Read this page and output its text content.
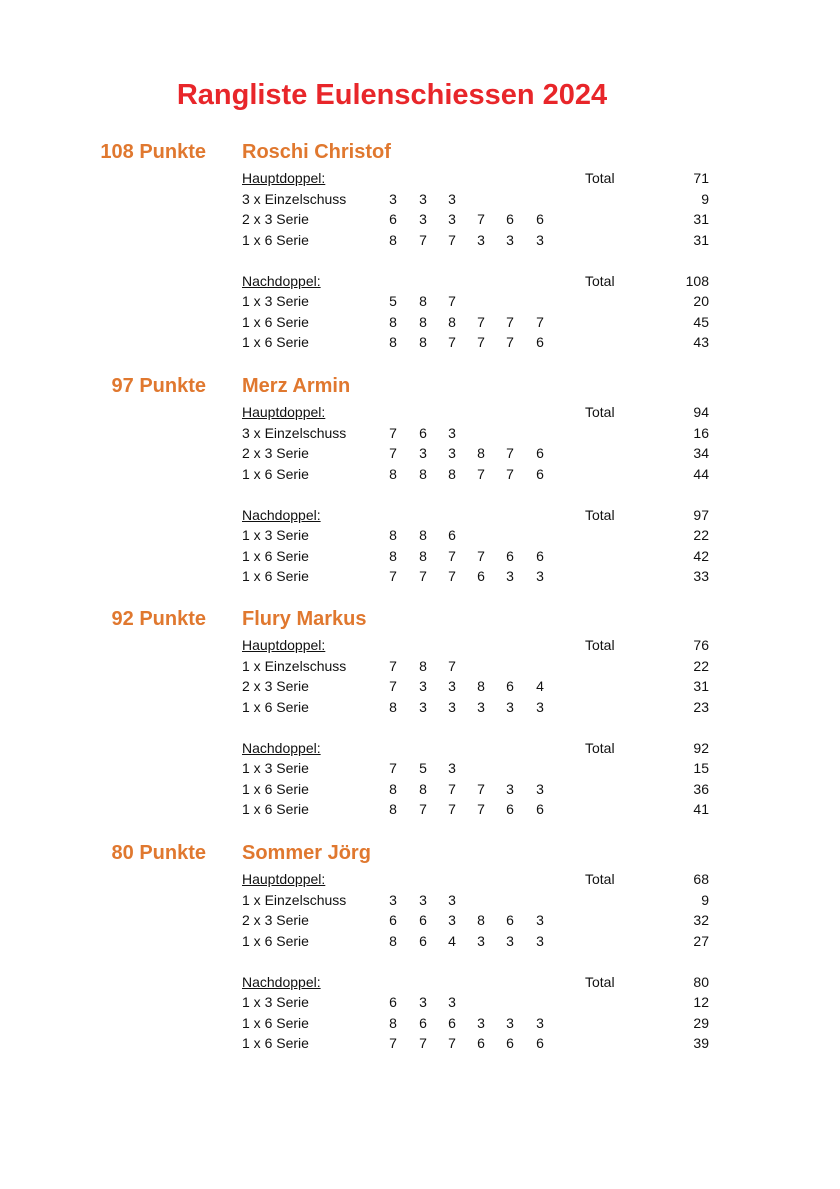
Rangliste Eulenschiessen 2024
108 Punkte Roschi Christof
Hauptdoppel:	Total	71
3 x Einzelschuss	3	3	3	9
2 x 3 Serie	6	3	3	7	6	6	31
1 x 6 Serie	8	7	7	3	3	3	31
Nachdoppel:	Total	108
1 x 3 Serie	5	8	7	20
1 x 6 Serie	8	8	8	7	7	7	45
1 x 6 Serie	8	8	7	7	7	6	43
97 Punkte Merz Armin
Hauptdoppel:	Total	94
3 x Einzelschuss	7	6	3	16
2 x 3 Serie	7	3	3	8	7	6	34
1 x 6 Serie	8	8	8	7	7	6	44
Nachdoppel:	Total	97
1 x 3 Serie	8	8	6	22
1 x 6 Serie	8	8	7	7	6	6	42
1 x 6 Serie	7	7	7	6	3	3	33
92 Punkte Flury Markus
Hauptdoppel:	Total	76
1 x Einzelschuss	7	8	7	22
2 x 3 Serie	7	3	3	8	6	4	31
1 x 6 Serie	8	3	3	3	3	3	23
Nachdoppel:	Total	92
1 x 3 Serie	7	5	3	15
1 x 6 Serie	8	8	7	7	3	3	36
1 x 6 Serie	8	7	7	7	6	6	41
80 Punkte Sommer Jörg
Hauptdoppel:	Total	68
1 x Einzelschuss	3	3	3	9
2 x 3 Serie	6	6	3	8	6	3	32
1 x 6 Serie	8	6	4	3	3	3	27
Nachdoppel:	Total	80
1 x 3 Serie	6	3	3	12
1 x 6 Serie	8	6	6	3	3	3	29
1 x 6 Serie	7	7	7	6	6	6	39
